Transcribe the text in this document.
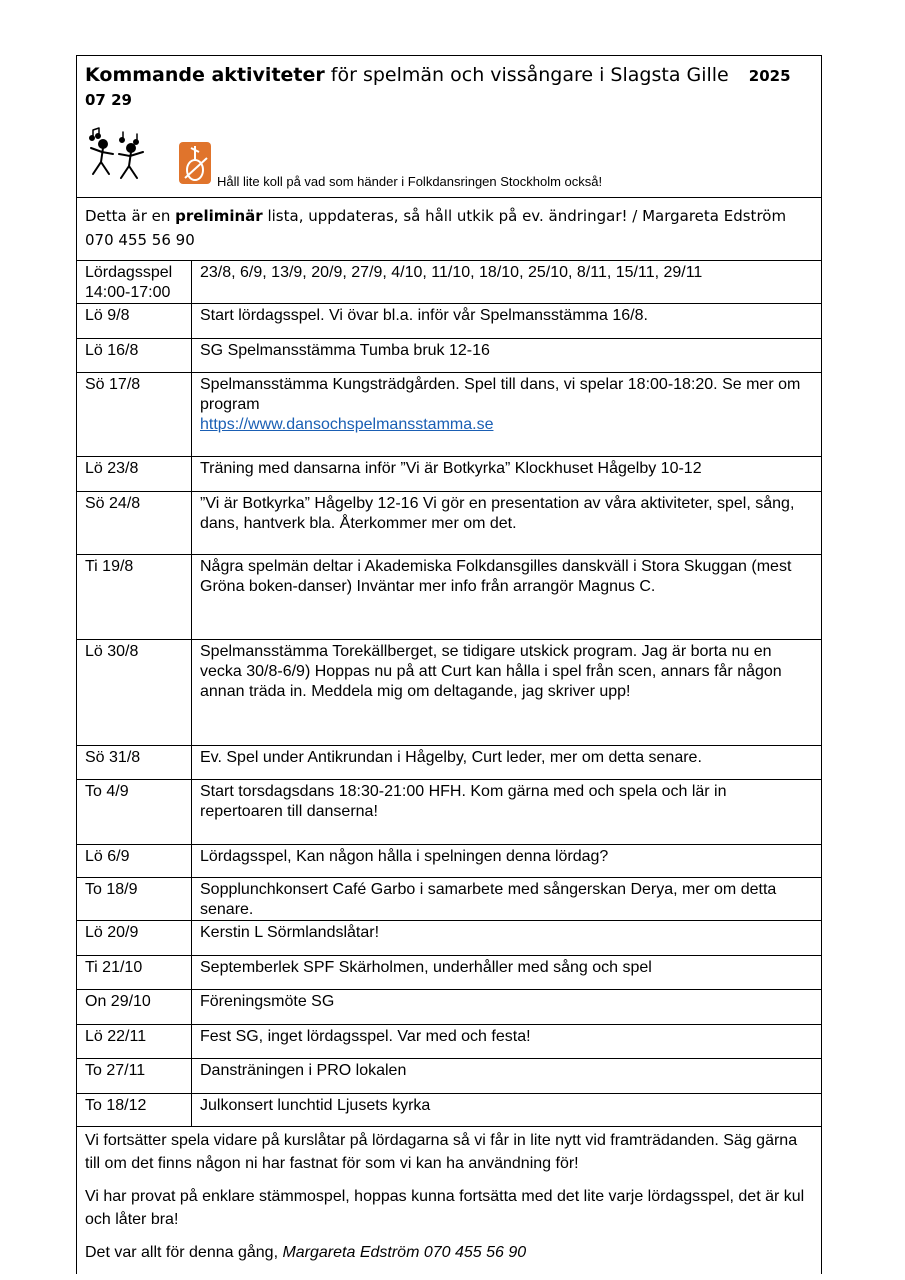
Kommande aktiviteter för spelmän och vissångare i Slagsta Gille 2025
07 29
Håll lite koll på vad som händer i Folkdansringen Stockholm också!
Detta är en preliminär lista, uppdateras, så håll utkik på ev. ändringar! / Margareta Edström 070 455 56 90
Lördagsspel 14:00-17:00	23/8, 6/9, 13/9, 20/9, 27/9, 4/10, 11/10, 18/10, 25/10, 8/11, 15/11, 29/11
Lö 9/8	Start lördagsspel. Vi övar bl.a. inför vår Spelmansstämma 16/8.
Lö 16/8	SG Spelmansstämma Tumba bruk 12-16
Sö 17/8	Spelmansstämma Kungsträdgården. Spel till dans, vi spelar 18:00-18:20. Se mer om program
https://www.dansochspelmansstamma.se
Lö 23/8	Träning med dansarna inför ”Vi är Botkyrka” Klockhuset Hågelby 10-12
Sö 24/8	”Vi är Botkyrka” Hågelby 12-16 Vi gör en presentation av våra aktiviteter, spel, sång, dans, hantverk bla. Återkommer mer om det.
Ti 19/8	Några spelmän deltar i Akademiska Folkdansgilles danskväll i Stora Skuggan (mest Gröna boken-danser) Inväntar mer info från arrangör Magnus C.
Lö 30/8	Spelmansstämma Torekällberget, se tidigare utskick program. Jag är borta nu en vecka 30/8-6/9) Hoppas nu på att Curt kan hålla i spel från scen, annars får någon annan träda in. Meddela mig om deltagande, jag skriver upp!
Sö 31/8	Ev. Spel under Antikrundan i Hågelby, Curt leder, mer om detta senare.
To 4/9	Start torsdagsdans 18:30-21:00 HFH. Kom gärna med och spela och lär in repertoaren till danserna!
Lö 6/9	Lördagsspel, Kan någon hålla i spelningen denna lördag?
To 18/9	Sopplunchkonsert Café Garbo i samarbete med sångerskan Derya, mer om detta senare.
Lö 20/9	Kerstin L Sörmlandslåtar!
Ti 21/10	Septemberlek SPF Skärholmen, underhåller med sång och spel
On 29/10	Föreningsmöte SG
Lö 22/11	Fest SG, inget lördagsspel. Var med och festa!
To 27/11	Dansträningen i PRO lokalen
To 18/12	Julkonsert lunchtid Ljusets kyrka

Vi fortsätter spela vidare på kurslåtar på lördagarna så vi får in lite nytt vid framträdanden. Säg gärna till om det finns någon ni har fastnat för som vi kan ha användning för!

Vi har provat på enklare stämmospel, hoppas kunna fortsätta med det lite varje lördagsspel, det är kul och låter bra!

Det var allt för denna gång, Margareta Edström 070 455 56 90
